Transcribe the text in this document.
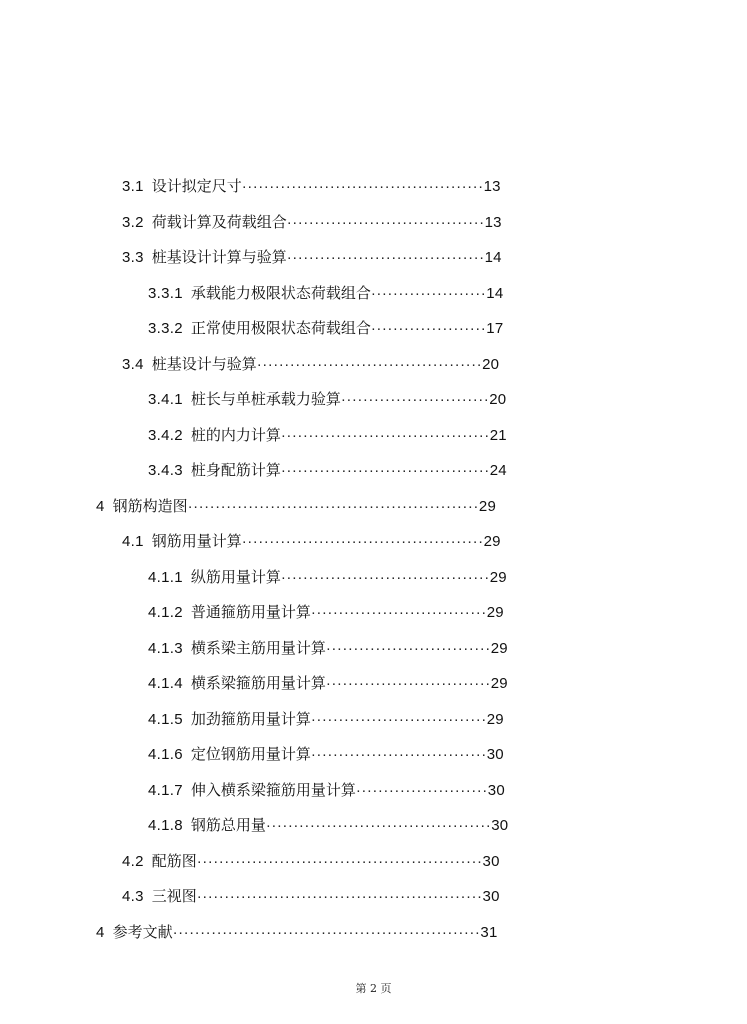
3.1 设计拟定尺寸············································13
3.2 荷载计算及荷载组合····································13
3.3 桩基设计计算与验算····································14
3.3.1 承载能力极限状态荷载组合·····················14
3.3.2 正常使用极限状态荷载组合·····················17
3.4 桩基设计与验算·········································20
3.4.1 桩长与单桩承载力验算···························20
3.4.2 桩的内力计算······································21
3.4.3 桩身配筋计算······································24
4 钢筋构造图·····················································29
4.1 钢筋用量计算············································29
4.1.1 纵筋用量计算······································29
4.1.2 普通箍筋用量计算································29
4.1.3 横系梁主筋用量计算······························29
4.1.4 横系梁箍筋用量计算······························29
4.1.5 加劲箍筋用量计算································29
4.1.6 定位钢筋用量计算································30
4.1.7 伸入横系梁箍筋用量计算························30
4.1.8 钢筋总用量·········································30
4.2 配筋图····················································30
4.3 三视图····················································30
4 参考文献························································31
第 2 页
